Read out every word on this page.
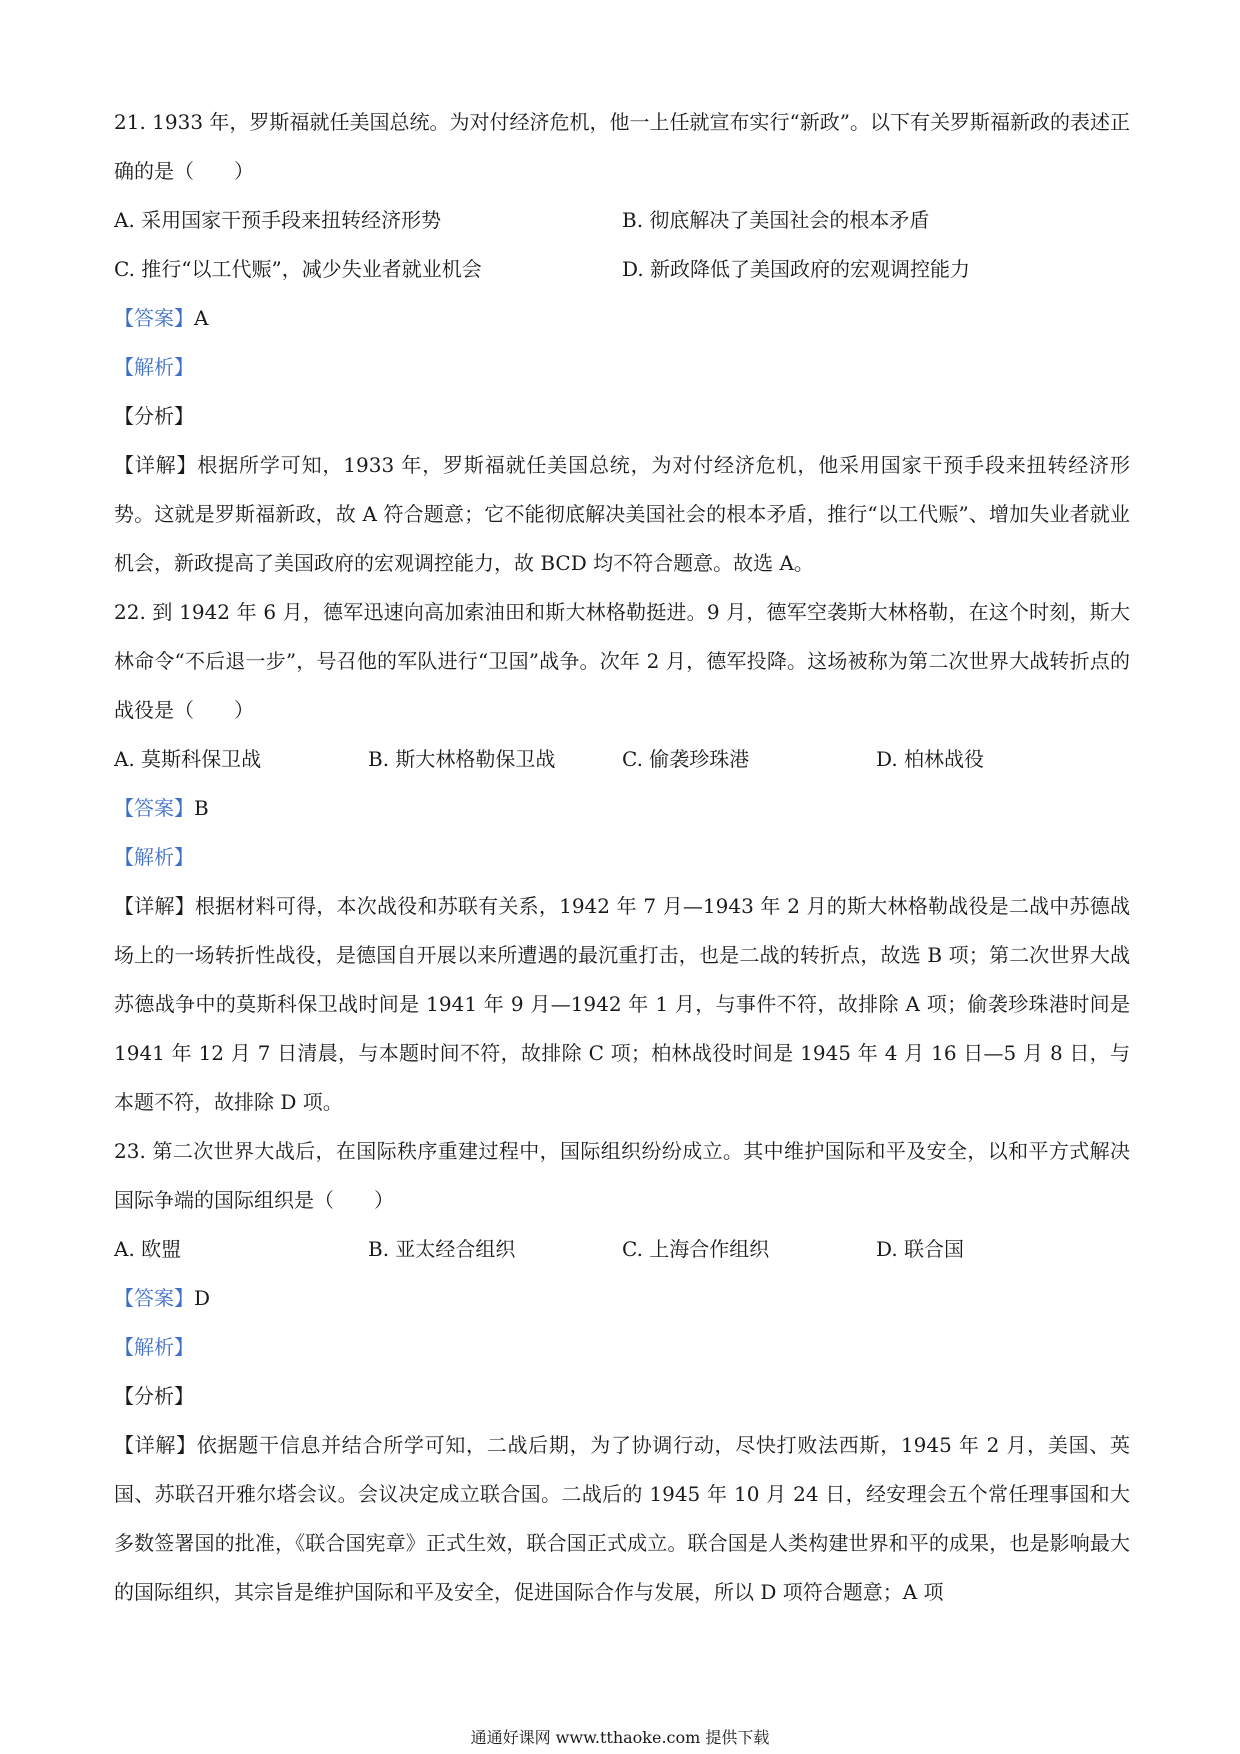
21. 1933 年，罗斯福就任美国总统。为对付经济危机，他一上任就宣布实行“新政”。以下有关罗斯福新政的表述正确的是（　　）

A. 采用国家干预手段来扭转经济形势	B. 彻底解决了美国社会的根本矛盾
C. 推行“以工代赈”，减少失业者就业机会	D. 新政降低了美国政府的宏观调控能力

【答案】A

【解析】

【分析】

【详解】根据所学可知，1933 年，罗斯福就任美国总统，为对付经济危机，他采用国家干预手段来扭转经济形势。这就是罗斯福新政，故 A 符合题意；它不能彻底解决美国社会的根本矛盾，推行“以工代赈”、增加失业者就业机会，新政提高了美国政府的宏观调控能力，故 BCD 均不符合题意。故选 A。

22. 到 1942 年 6 月，德军迅速向高加索油田和斯大林格勒挺进。9 月，德军空袭斯大林格勒，在这个时刻，斯大林命令“不后退一步”，号召他的军队进行“卫国”战争。次年 2 月，德军投降。这场被称为第二次世界大战转折点的战役是（　　）

A. 莫斯科保卫战	B. 斯大林格勒保卫战	C. 偷袭珍珠港	D. 柏林战役

【答案】B

【解析】

【详解】根据材料可得，本次战役和苏联有关系，1942 年 7 月—1943 年 2 月的斯大林格勒战役是二战中苏德战场上的一场转折性战役，是德国自开展以来所遭遇的最沉重打击，也是二战的转折点，故选 B 项；第二次世界大战苏德战争中的莫斯科保卫战时间是 1941 年 9 月—1942 年 1 月，与事件不符，故排除 A 项；偷袭珍珠港时间是 1941 年 12 月 7 日清晨，与本题时间不符，故排除 C 项；柏林战役时间是 1945 年 4 月 16 日—5 月 8 日，与本题不符，故排除 D 项。

23. 第二次世界大战后，在国际秩序重建过程中，国际组织纷纷成立。其中维护国际和平及安全，以和平方式解决国际争端的国际组织是（　　）

A. 欧盟	B. 亚太经合组织	C. 上海合作组织	D. 联合国

【答案】D

【解析】

【分析】

【详解】依据题干信息并结合所学可知，二战后期，为了协调行动，尽快打败法西斯，1945 年 2 月，美国、英国、苏联召开雅尔塔会议。会议决定成立联合国。二战后的 1945 年 10 月 24 日，经安理会五个常任理事国和大多数签署国的批准，《联合国宪章》正式生效，联合国正式成立。联合国是人类构建世界和平的成果，也是影响最大的国际组织，其宗旨是维护国际和平及安全，促进国际合作与发展，所以 D 项符合题意；A 项

通通好课网 www.tthaoke.com 提供下载
